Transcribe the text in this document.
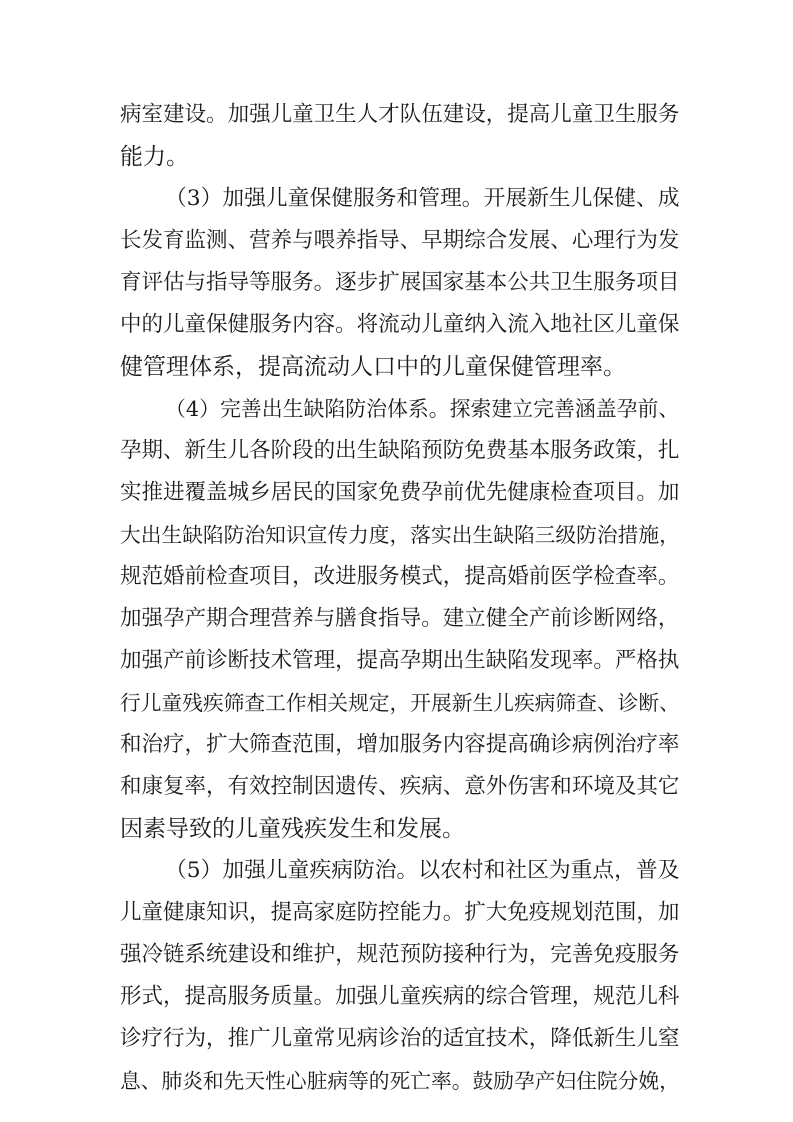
病室建设。加强儿童卫生人才队伍建设，提高儿童卫生服务

能力。

（3）加强儿童保健服务和管理。开展新生儿保健、成

长发育监测、营养与喂养指导、早期综合发展、心理行为发

育评估与指导等服务。逐步扩展国家基本公共卫生服务项目

中的儿童保健服务内容。将流动儿童纳入流入地社区儿童保

健管理体系，提高流动人口中的儿童保健管理率。

（4）完善出生缺陷防治体系。探索建立完善涵盖孕前、

孕期、新生儿各阶段的出生缺陷预防免费基本服务政策，扎

实推进覆盖城乡居民的国家免费孕前优先健康检查项目。加

大出生缺陷防治知识宣传力度，落实出生缺陷三级防治措施，

规范婚前检查项目，改进服务模式，提高婚前医学检查率。

加强孕产期合理营养与膳食指导。建立健全产前诊断网络，

加强产前诊断技术管理，提高孕期出生缺陷发现率。严格执

行儿童残疾筛查工作相关规定，开展新生儿疾病筛查、诊断、

和治疗，扩大筛查范围，增加服务内容提高确诊病例治疗率

和康复率，有效控制因遗传、疾病、意外伤害和环境及其它

因素导致的儿童残疾发生和发展。

（5）加强儿童疾病防治。以农村和社区为重点，普及

儿童健康知识，提高家庭防控能力。扩大免疫规划范围，加

强冷链系统建设和维护，规范预防接种行为，完善免疫服务

形式，提高服务质量。加强儿童疾病的综合管理，规范儿科

诊疗行为，推广儿童常见病诊治的适宜技术，降低新生儿窒

息、肺炎和先天性心脏病等的死亡率。鼓励孕产妇住院分娩，
